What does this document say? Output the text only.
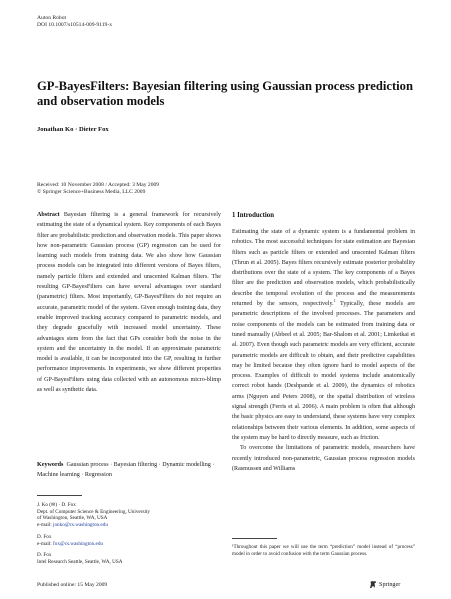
Auton Robot
DOI 10.1007/s10514-009-9119-x
GP-BayesFilters: Bayesian filtering using Gaussian process prediction and observation models
Jonathan Ko · Dieter Fox
Received: 10 November 2008 / Accepted: 3 May 2009
© Springer Science+Business Media, LLC 2009

Abstract Bayesian filtering is a general framework for recursively estimating the state of a dynamical system. Key components of each Bayes filter are probabilistic prediction and observation models. This paper shows how non-parametric Gaussian process (GP) regression can be used for learning such models from training data. We also show how Gaussian process models can be integrated into different versions of Bayes filters, namely particle filters and extended and unscented Kalman filters. The resulting GP-BayesFilters can have several advantages over standard (parametric) filters. Most importantly, GP-BayesFilters do not require an accurate, parametric model of the system. Given enough training data, they enable improved tracking accuracy compared to parametric models, and they degrade gracefully with increased model uncertainty. These advantages stem from the fact that GPs consider both the noise in the system and the uncertainty in the model. If an approximate parametric model is available, it can be incorporated into the GP, resulting in further performance improvements. In experiments, we show different properties of GP-BayesFilters using data collected with an autonomous micro-blimp as well as synthetic data.

Keywords Gaussian process · Bayesian filtering · Dynamic modelling · Machine learning · Regression
J. Ko (✉) · D. Fox
Dept. of Computer Science & Engineering, University
of Washington, Seattle, WA, USA
e-mail: jonko@cs.washington.edu
D. Fox
e-mail: fox@cs.washington.edu
D. Fox
Intel Research Seattle, Seattle, WA, USA
Published online: 15 May 2009
1 Introduction

Estimating the state of a dynamic system is a fundamental problem in robotics. The most successful techniques for state estimation are Bayesian filters such as particle filters or extended and unscented Kalman filters (Thrun et al. 2005). Bayes filters recursively estimate posterior probability distributions over the state of a system. The key components of a Bayes filter are the prediction and observation models, which probabilistically describe the temporal evolution of the process and the measurements returned by the sensors, respectively.$^1$ Typically, these models are parametric descriptions of the involved processes. The parameters and noise components of the models can be estimated from training data or tuned manually (Abbeel et al. 2005; Bar-Shalom et al. 2001; Limketkai et al. 2007). Even though such parametric models are very efficient, accurate parametric models are difficult to obtain, and their predictive capabilities may be limited because they often ignore hard to model aspects of the process. Examples of difficult to model systems include anatomically correct robot hands (Deshpande et al. 2009), the dynamics of robotics arms (Nguyen and Peters 2008), or the spatial distribution of wireless signal strength (Ferris et al. 2006). A main problem is often that although the basic physics are easy to understand, these systems have very complex relationships between their various elements. In addition, some aspects of the system may be hard to directly measure, such as friction.

To overcome the limitations of parametric models, researchers have recently introduced non-parametric, Gaussian process regression models (Rasmussen and Williams

¹Throughout this paper we will use the term “prediction” model instead of “process” model in order to avoid confusion with the term Gaussian process.
Springer
